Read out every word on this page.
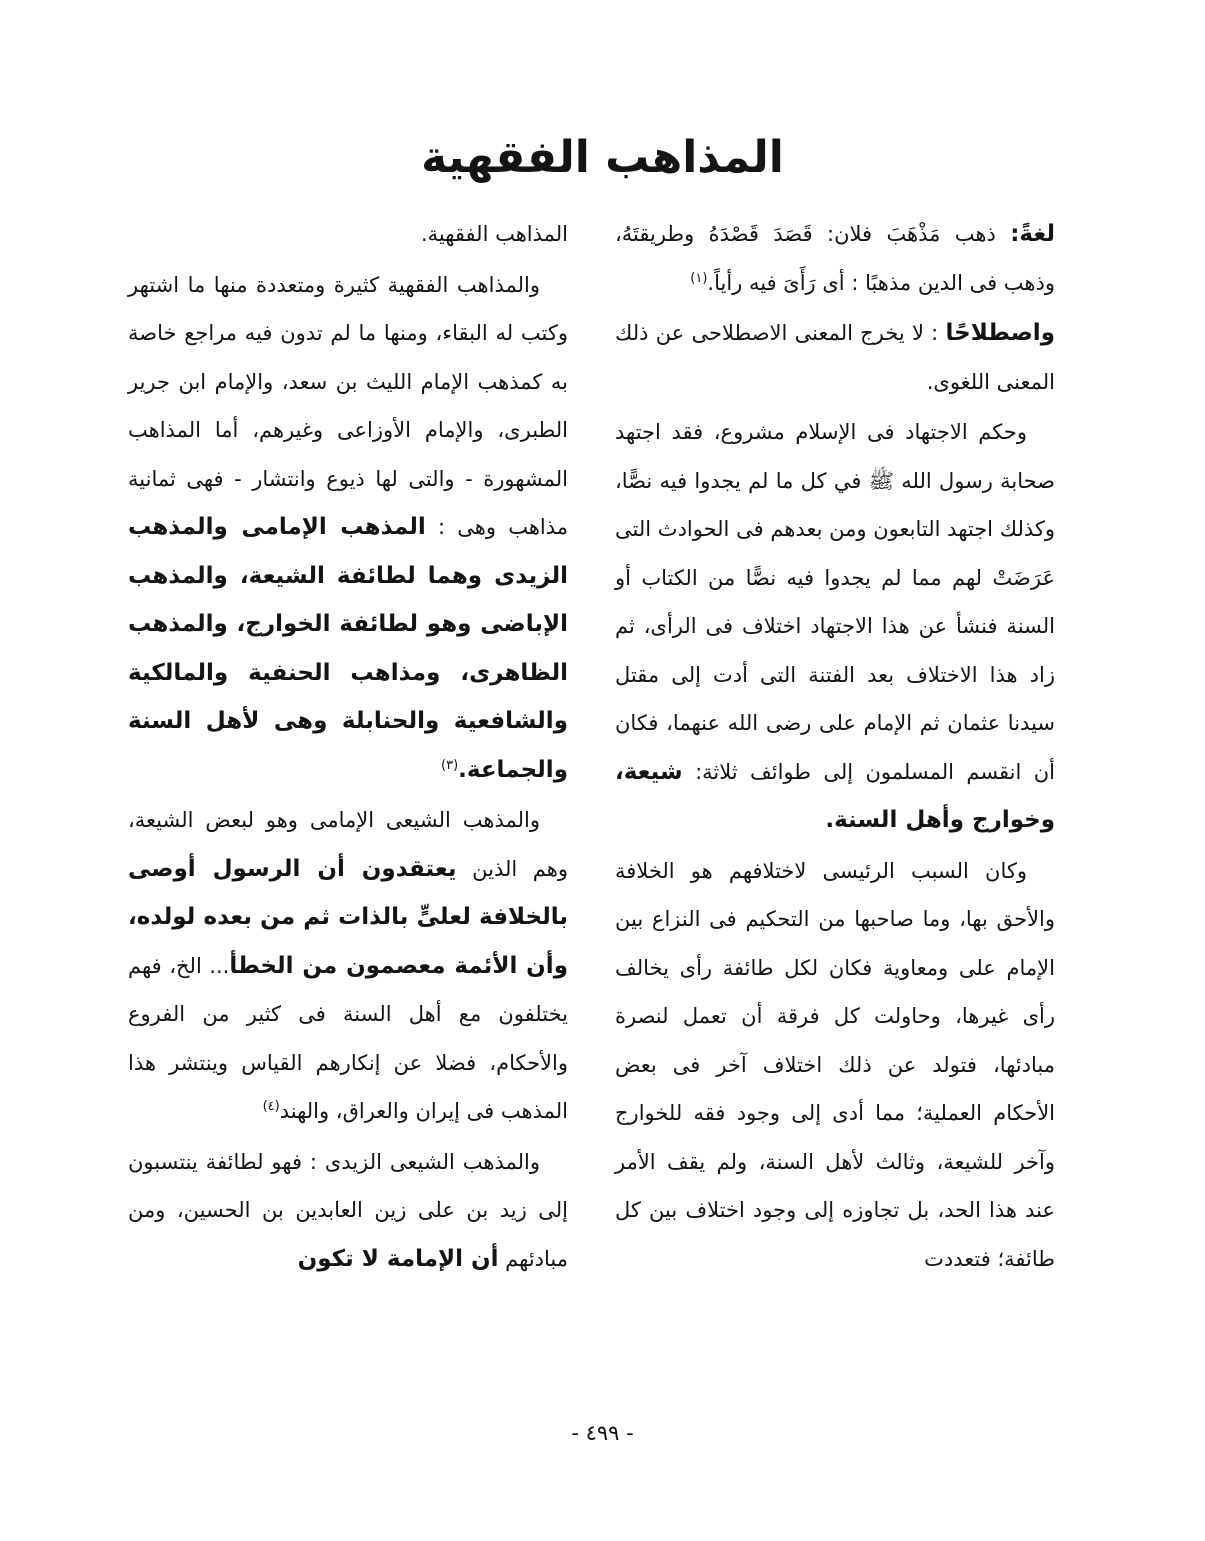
المذاهب الفقهية

لغةً: ذهب مَذْهَبَ فلان: قَصَدَ قَصْدَهُ وطريقتَهُ، وذهب فى الدين مذهبًا : أى رَأَىَ فيه رأياً.$^{(١)}$

واصطلاحًا : لا يخرج المعنى الاصطلاحى عن ذلك المعنى اللغوى.

وحكم الاجتهاد فى الإسلام مشروع، فقد اجتهد صحابة رسول الله ﷺ في كل ما لم يجدوا فيه نصًّا، وكذلك اجتهد التابعون ومن بعدهم فى الحوادث التى عَرَضَتْ لهم مما لم يجدوا فيه نصًّا من الكتاب أو السنة فنشأ عن هذا الاجتهاد اختلاف فى الرأى، ثم زاد هذا الاختلاف بعد الفتنة التى أدت إلى مقتل سيدنا عثمان ثم الإمام على رضى الله عنهما، فكان أن انقسم المسلمون إلى طوائف ثلاثة: شيعة، وخوارج وأهل السنة.

وكان السبب الرئيسى لاختلافهم هو الخلافة والأحق بها، وما صاحبها من التحكيم فى النزاع بين الإمام على ومعاوية فكان لكل طائفة رأى يخالف رأى غيرها، وحاولت كل فرقة أن تعمل لنصرة مبادئها، فتولد عن ذلك اختلاف آخر فى بعض الأحكام العملية؛ مما أدى إلى وجود فقه للخوارج وآخر للشيعة، وثالث لأهل السنة، ولم يقف الأمر عند هذا الحد، بل تجاوزه إلى وجود اختلاف بين كل طائفة؛ فتعددت

المذاهب الفقهية.

والمذاهب الفقهية كثيرة ومتعددة منها ما اشتهر وكتب له البقاء، ومنها ما لم تدون فيه مراجع خاصة به كمذهب الإمام الليث بن سعد، والإمام ابن جرير الطبرى، والإمام الأوزاعى وغيرهم، أما المذاهب المشهورة - والتى لها ذيوع وانتشار - فهى ثمانية مذاهب وهى : المذهب الإمامى والمذهب الزيدى وهما لطائفة الشيعة، والمذهب الإباضى وهو لطائفة الخوارج، والمذهب الظاهرى، ومذاهب الحنفية والمالكية والشافعية والحنابلة وهى لأهل السنة والجماعة.$^{(٣)}$

والمذهب الشيعى الإمامى وهو لبعض الشيعة، وهم الذين يعتقدون أن الرسول أوصى بالخلافة لعلىٍّ بالذات ثم من بعده لولده، وأن الأئمة معصمون من الخطأ... الخ، فهم يختلفون مع أهل السنة فى كثير من الفروع والأحكام، فضلا عن إنكارهم القياس وينتشر هذا المذهب فى إيران والعراق، والهند$^{(٤)}$

والمذهب الشيعى الزيدى : فهو لطائفة ينتسبون إلى زيد بن على زين العابدين بن الحسين، ومن مبادئهم أن الإمامة لا تكون

- ٤٩٩ -
